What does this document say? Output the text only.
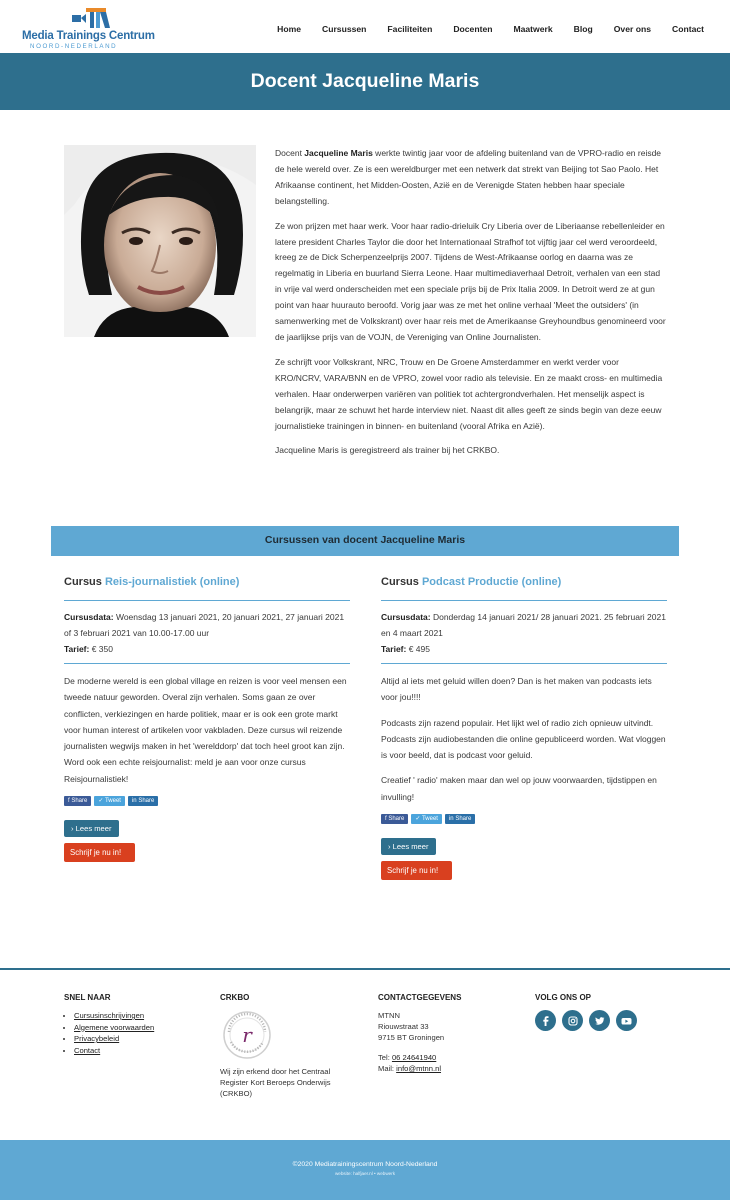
Media Trainings Centrum
NOORD-NEDERLAND
Home Cursussen Faciliteiten Docenten Maatwerk Blog Over ons Contact
Docent Jacqueline Maris

Docent Jacqueline Maris werkte twintig jaar voor de afdeling buitenland van de VPRO-radio en reisde de hele wereld over. Ze is een wereldburger met een netwerk dat strekt van Beijing tot Sao Paolo. Het Afrikaanse continent, het Midden-Oosten, Azië en de Verenigde Staten hebben haar speciale belangstelling.

Ze won prijzen met haar werk. Voor haar radio-drieluik Cry Liberia over de Liberiaanse rebellenleider en latere president Charles Taylor die door het Internationaal Strafhof tot vijftig jaar cel werd veroordeeld, kreeg ze de Dick Scherpenzeelprijs 2007. Tijdens de West-Afrikaanse oorlog en daarna was ze regelmatig in Liberia en buurland Sierra Leone. Haar multimediaverhaal Detroit, verhalen van een stad in vrije val werd onderscheiden met een speciale prijs bij de Prix Italia 2009. In Detroit werd ze at gun point van haar huurauto beroofd. Vorig jaar was ze met het online verhaal 'Meet the outsiders' (in samenwerking met de Volkskrant) over haar reis met de Amerikaanse Greyhoundbus genomineerd voor de jaarlijkse prijs van de VOJN, de Vereniging van Online Journalisten.

Ze schrijft voor Volkskrant, NRC, Trouw en De Groene Amsterdammer en werkt verder voor KRO/NCRV, VARA/BNN en de VPRO, zowel voor radio als televisie. En ze maakt cross- en multimedia verhalen. Haar onderwerpen variëren van politiek tot achtergrondverhalen. Het menselijk aspect is belangrijk, maar ze schuwt het harde interview niet. Naast dit alles geeft ze sinds begin van deze eeuw journalistieke trainingen in binnen- en buitenland (vooral Afrika en Azië).

Jacqueline Maris is geregistreerd als trainer bij het CRKBO.

Cursussen van docent Jacqueline Maris
Cursus Reis-journalistiek (online)
Cursusdata: Woensdag 13 januari 2021, 20 januari 2021, 27 januari 2021 of 3 februari 2021 van 10.00-17.00 uur
Tarief: € 350

De moderne wereld is een global village en reizen is voor veel mensen een tweede natuur geworden. Overal zijn verhalen. Soms gaan ze over conflicten, verkiezingen en harde politiek, maar er is ook een grote markt voor human interest of artikelen voor vakbladen. Deze cursus wil reizende journalisten wegwijs maken in het 'werelddorp' dat toch heel groot kan zijn. Word ook een echte reisjournalist: meld je aan voor onze cursus Reisjournalistiek!

f Share	✓ Tweet	in Share
› Lees meer
Schrijf je nu in!
Cursus Podcast Productie (online)
Cursusdata: Donderdag 14 januari 2021/ 28 januari 2021. 25 februari 2021 en 4 maart 2021
Tarief: € 495

Altijd al iets met geluid willen doen? Dan is het maken van podcasts iets voor jou!!!!

Podcasts zijn razend populair. Het lijkt wel of radio zich opnieuw uitvindt. Podcasts zijn audiobestanden die online gepubliceerd worden. Wat vloggen is voor beeld, dat is podcast voor geluid.

Creatief ' radio' maken maar dan wel op jouw voorwaarden, tijdstippen en invulling!

f Share	✓ Tweet	in Share
› Lees meer
Schrijf je nu in!
SNEL NAAR
• Cursusinschrijvingen
• Algemene voorwaarden
• Privacybeleid
• Contact
CRKBO
r
Wij zijn erkend door het Centraal Register Kort Beroeps Onderwijs (CRKBO)
CONTACTGEGEVENS
MTNN
Riouwstraat 33
9715 BT Groningen
Tel: 06 24641940
Mail: info@mtnn.nl
VOLG ONS OP
©2020 Mediatrainingscentrum Noord-Nederland
website: halfjaer.nl • webwerk
